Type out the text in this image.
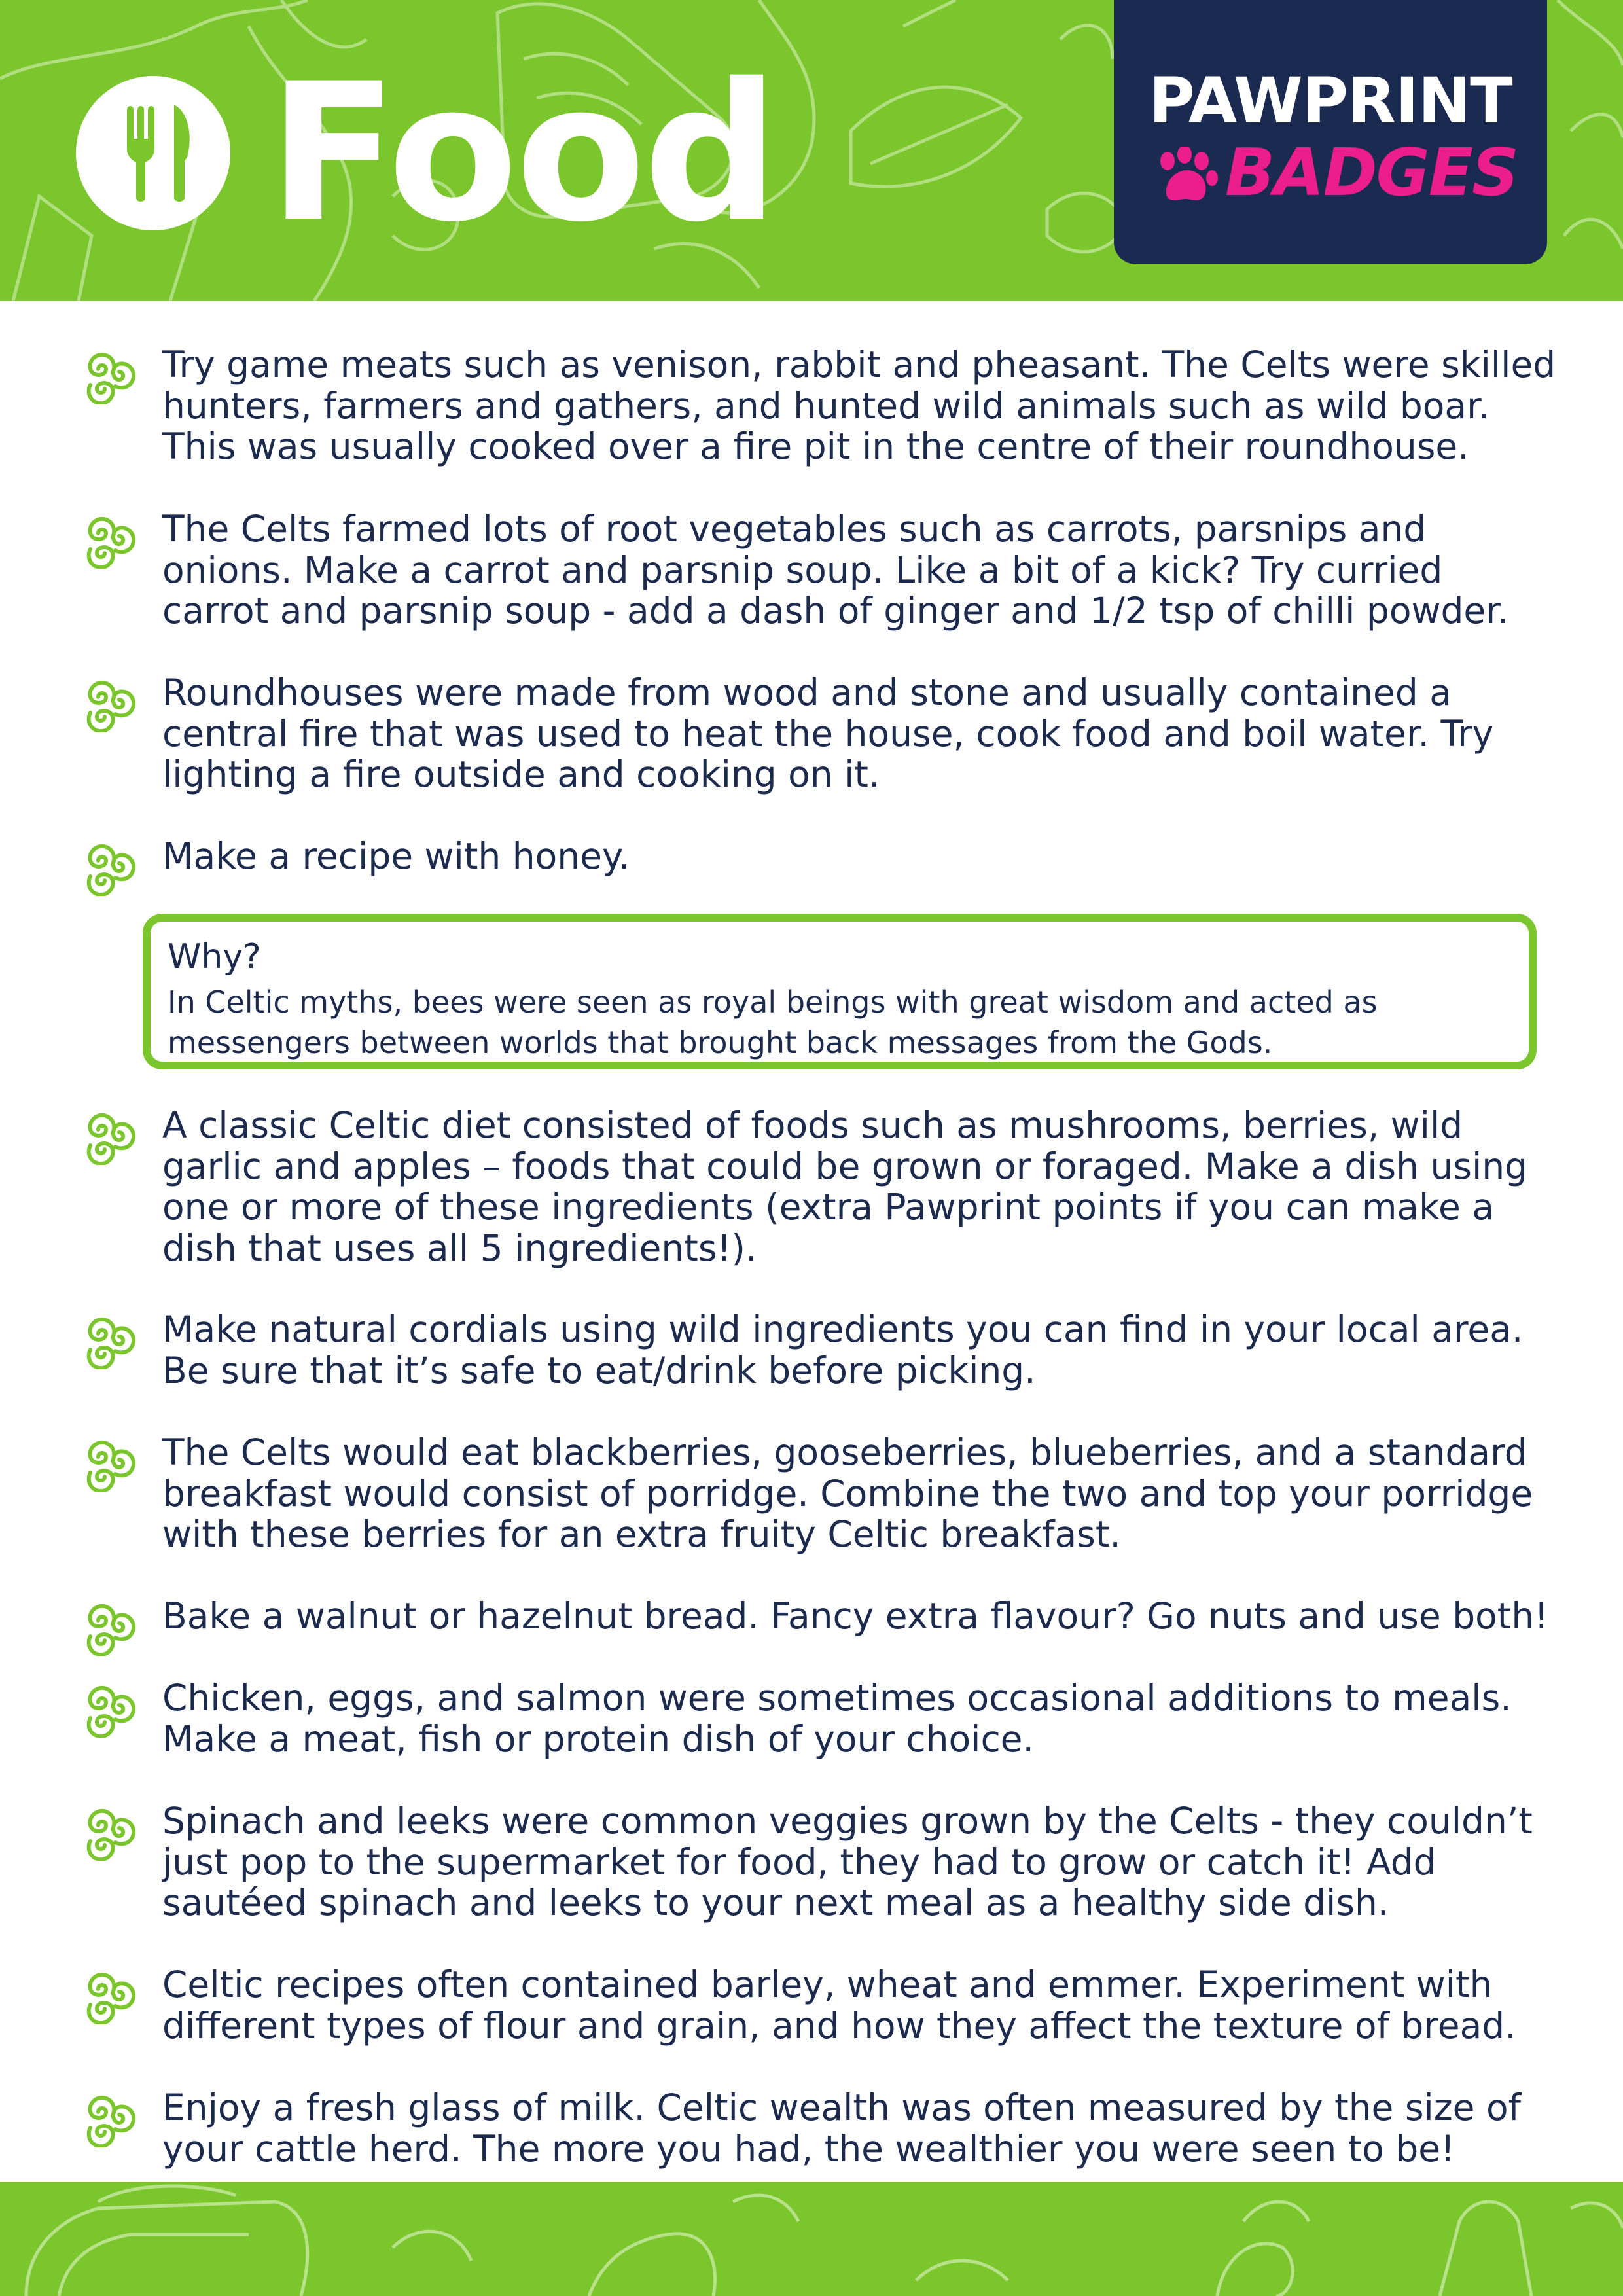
Food	PAWPRINT
BADGES

Try game meats such as venison, rabbit and pheasant. The Celts were skilled
hunters, farmers and gathers, and hunted wild animals such as wild boar.
This was usually cooked over a fire pit in the centre of their roundhouse.

The Celts farmed lots of root vegetables such as carrots, parsnips and
onions. Make a carrot and parsnip soup. Like a bit of a kick? Try curried
carrot and parsnip soup - add a dash of ginger and 1/2 tsp of chilli powder.

Roundhouses were made from wood and stone and usually contained a
central fire that was used to heat the house, cook food and boil water. Try
lighting a fire outside and cooking on it.

Make a recipe with honey.

Why?

In Celtic myths, bees were seen as royal beings with great wisdom and acted as
messengers between worlds that brought back messages from the Gods.

A classic Celtic diet consisted of foods such as mushrooms, berries, wild
garlic and apples – foods that could be grown or foraged. Make a dish using
one or more of these ingredients (extra Pawprint points if you can make a
dish that uses all 5 ingredients!).

Make natural cordials using wild ingredients you can find in your local area.
Be sure that it’s safe to eat/drink before picking.

The Celts would eat blackberries, gooseberries, blueberries, and a standard
breakfast would consist of porridge. Combine the two and top your porridge
with these berries for an extra fruity Celtic breakfast.

Bake a walnut or hazelnut bread. Fancy extra flavour? Go nuts and use both!

Chicken, eggs, and salmon were sometimes occasional additions to meals.
Make a meat, fish or protein dish of your choice.

Spinach and leeks were common veggies grown by the Celts - they couldn’t
just pop to the supermarket for food, they had to grow or catch it! Add
sautéed spinach and leeks to your next meal as a healthy side dish.

Celtic recipes often contained barley, wheat and emmer. Experiment with
different types of flour and grain, and how they affect the texture of bread.

Enjoy a fresh glass of milk. Celtic wealth was often measured by the size of
your cattle herd. The more you had, the wealthier you were seen to be!
